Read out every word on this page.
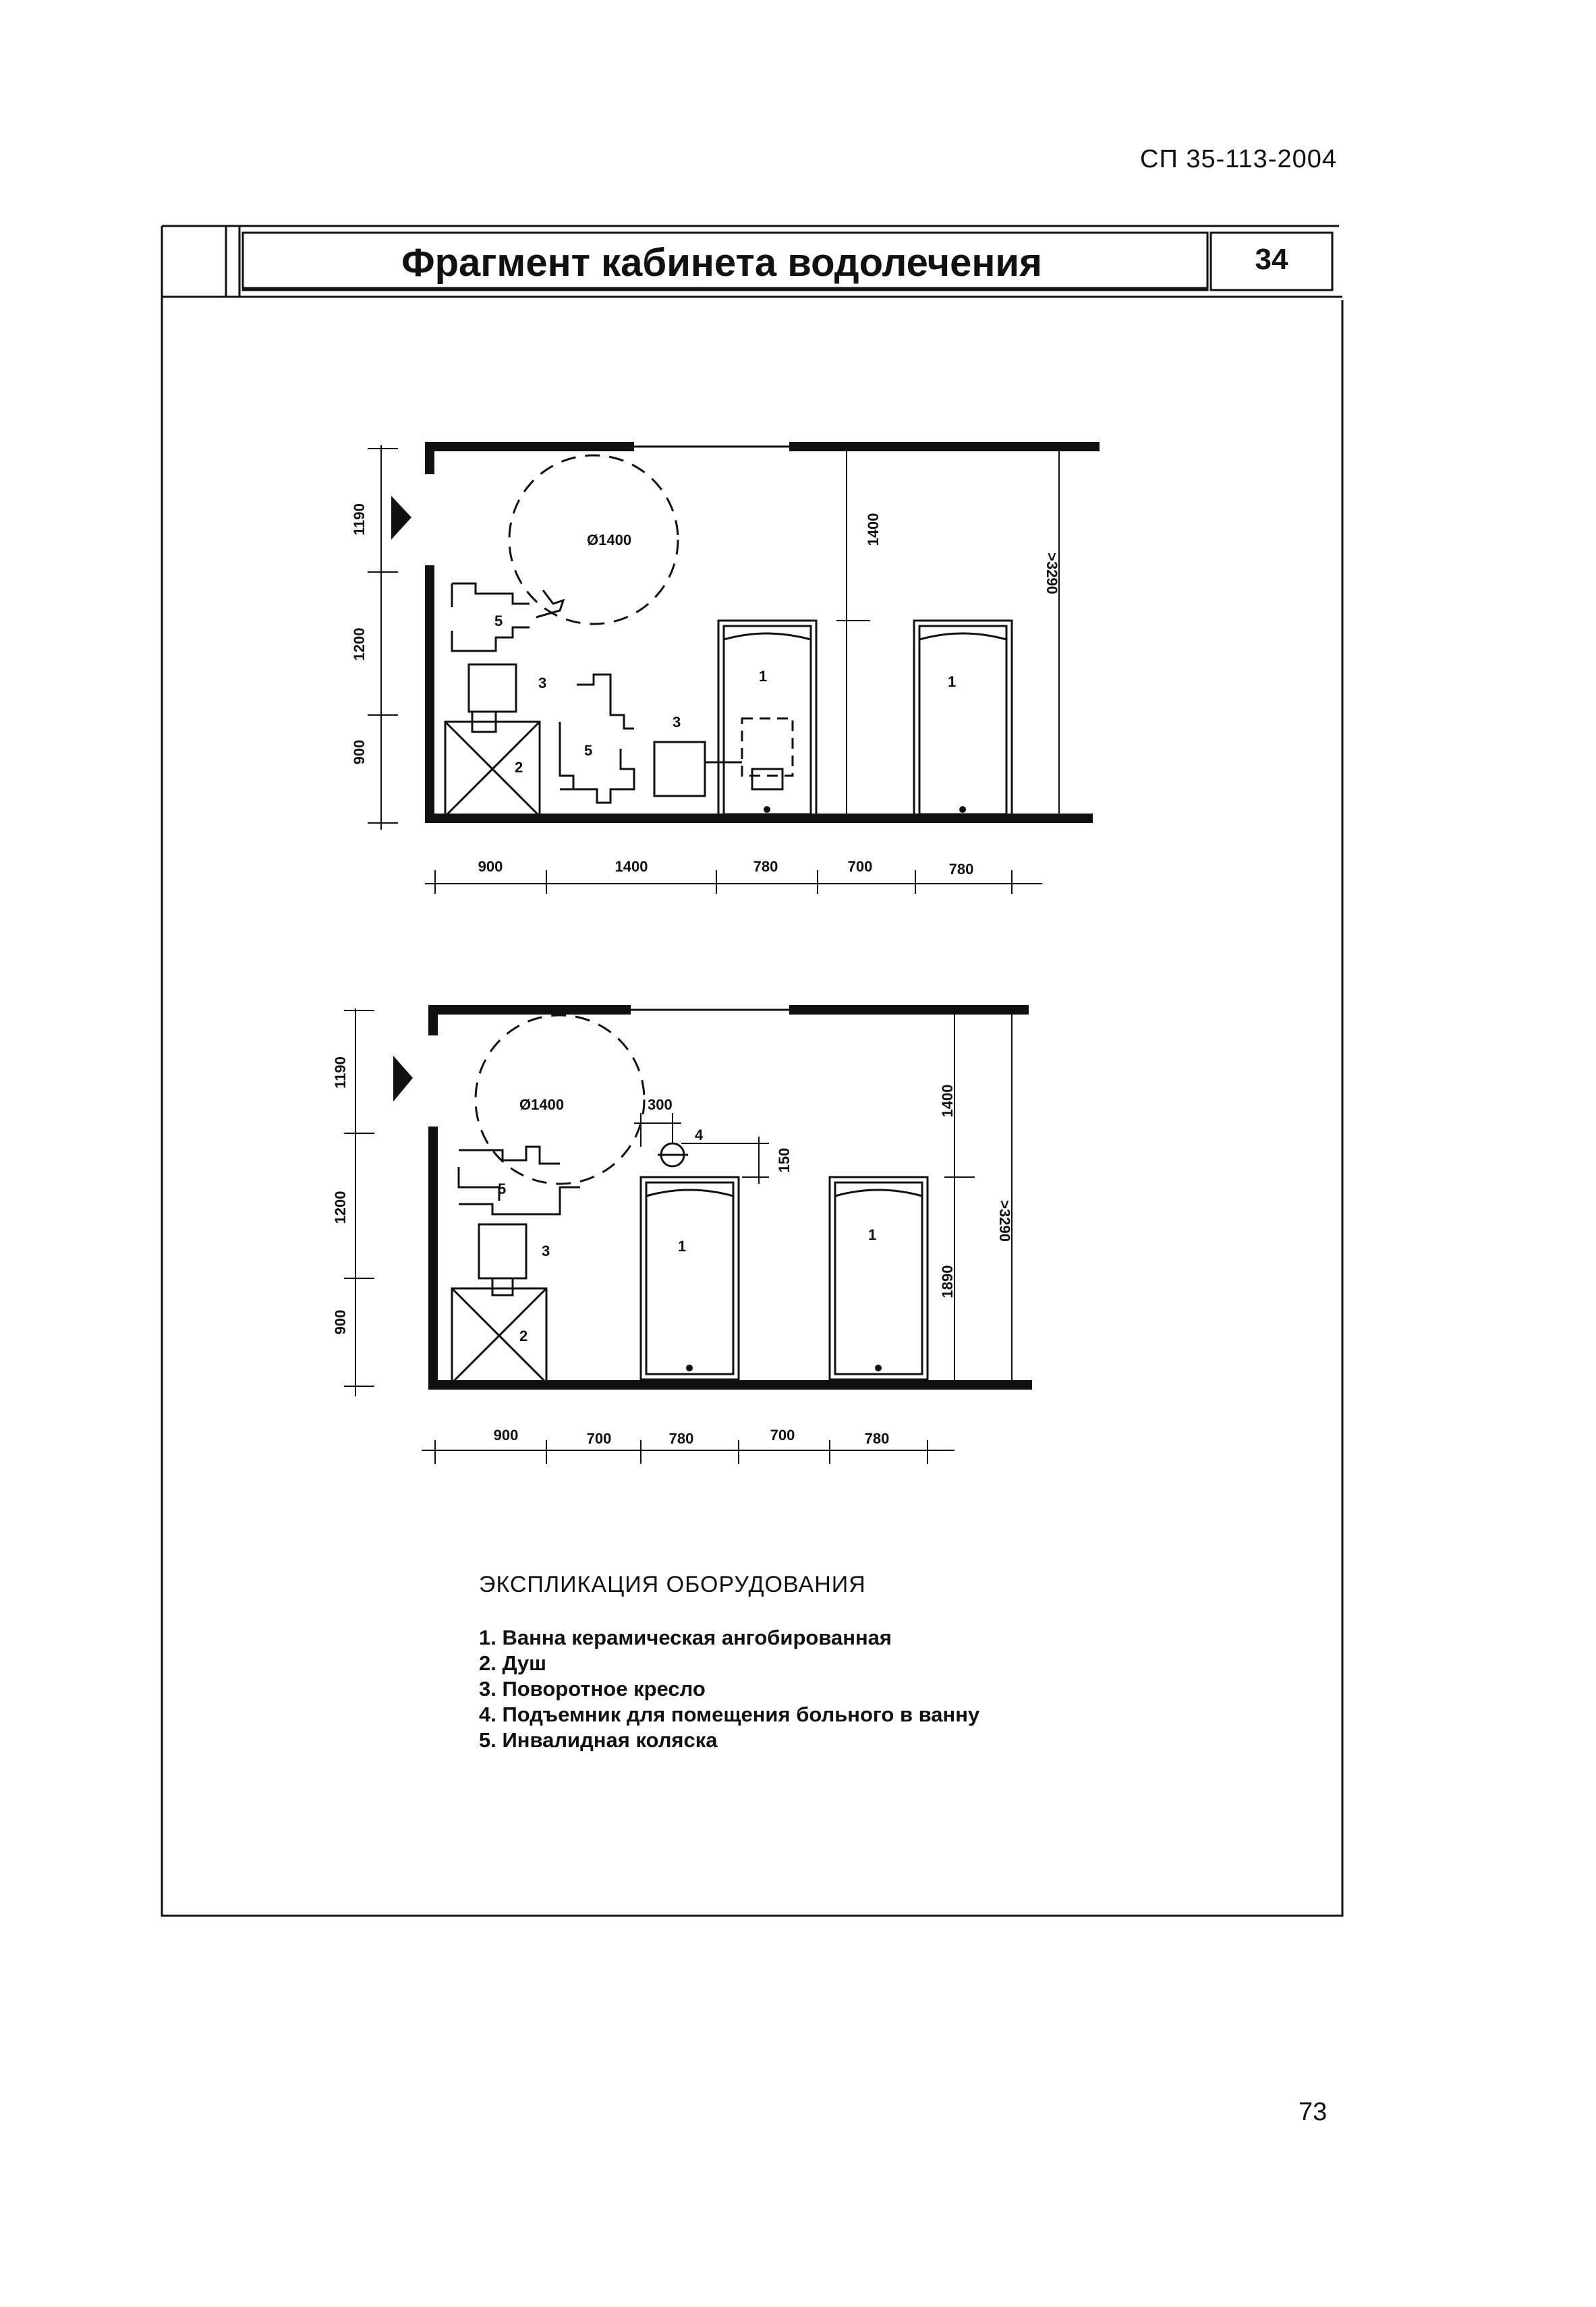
СП 35-113-2004
Фрагмент кабинета водолечения	34
1190
1200
900
900	1400	780	700	780
1400
>3290
Ø1400
5
3
2
5
3
1	1
1190
1200
900
900	700	780	700	780
1400
>3290
1890
300
150
Ø1400
5
3
2
4
1
1
ЭКСПЛИКАЦИЯ ОБОРУДОВАНИЯ
1. Ванна керамическая ангобированная
2. Душ
3. Поворотное кресло
4. Подъемник для помещения больного в ванну
5. Инвалидная коляска
73
